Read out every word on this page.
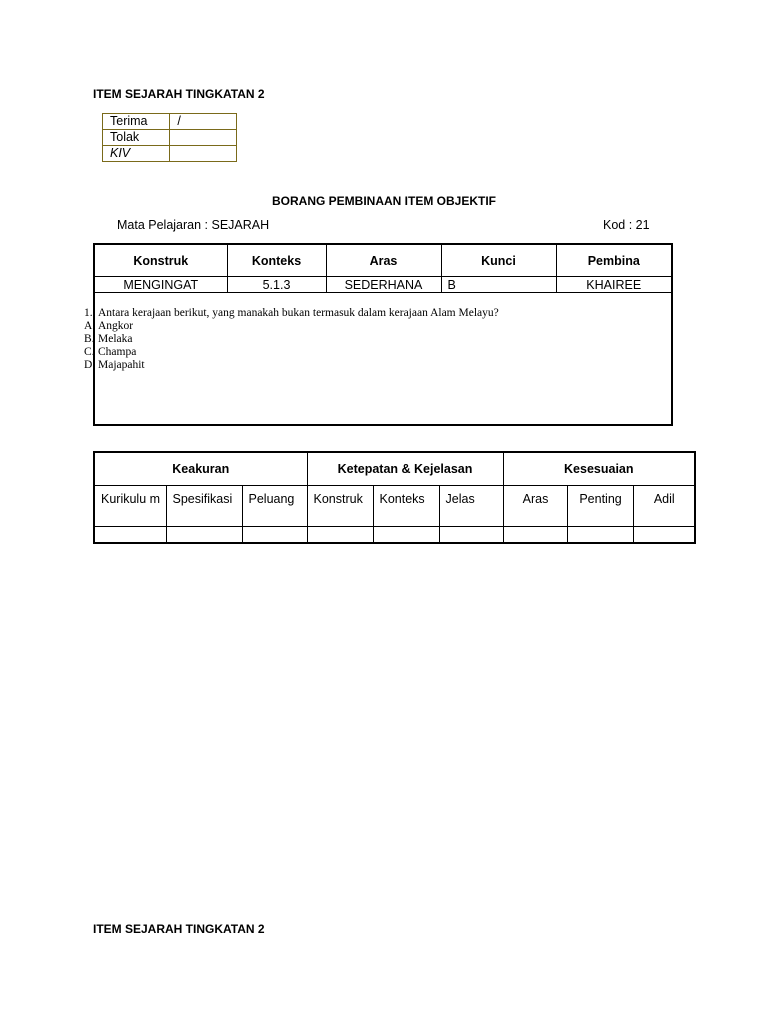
ITEM SEJARAH TINGKATAN 2
Terima	/
Tolak	
KIV	
BORANG PEMBINAAN ITEM OBJEKTIF
Mata Pelajaran : SEJARAH	Kod : 21
Konstruk	Konteks	Aras	Kunci	Pembina
MENGINGAT	5.1.3	SEDERHANA	B	KHAIREE
1. Antara kerajaan berikut, yang manakah bukan termasuk dalam kerajaan Alam Melayu?
A. Angkor
B. Melaka
C. Champa
D. Majapahit
Keakuran			Ketepatan & Kejelasan			Kesesuaian		
Kurikulu m	Spesifikasi	Peluang	Konstruk	Konteks	Jelas	Aras	Penting	Adil

ITEM SEJARAH TINGKATAN 2
